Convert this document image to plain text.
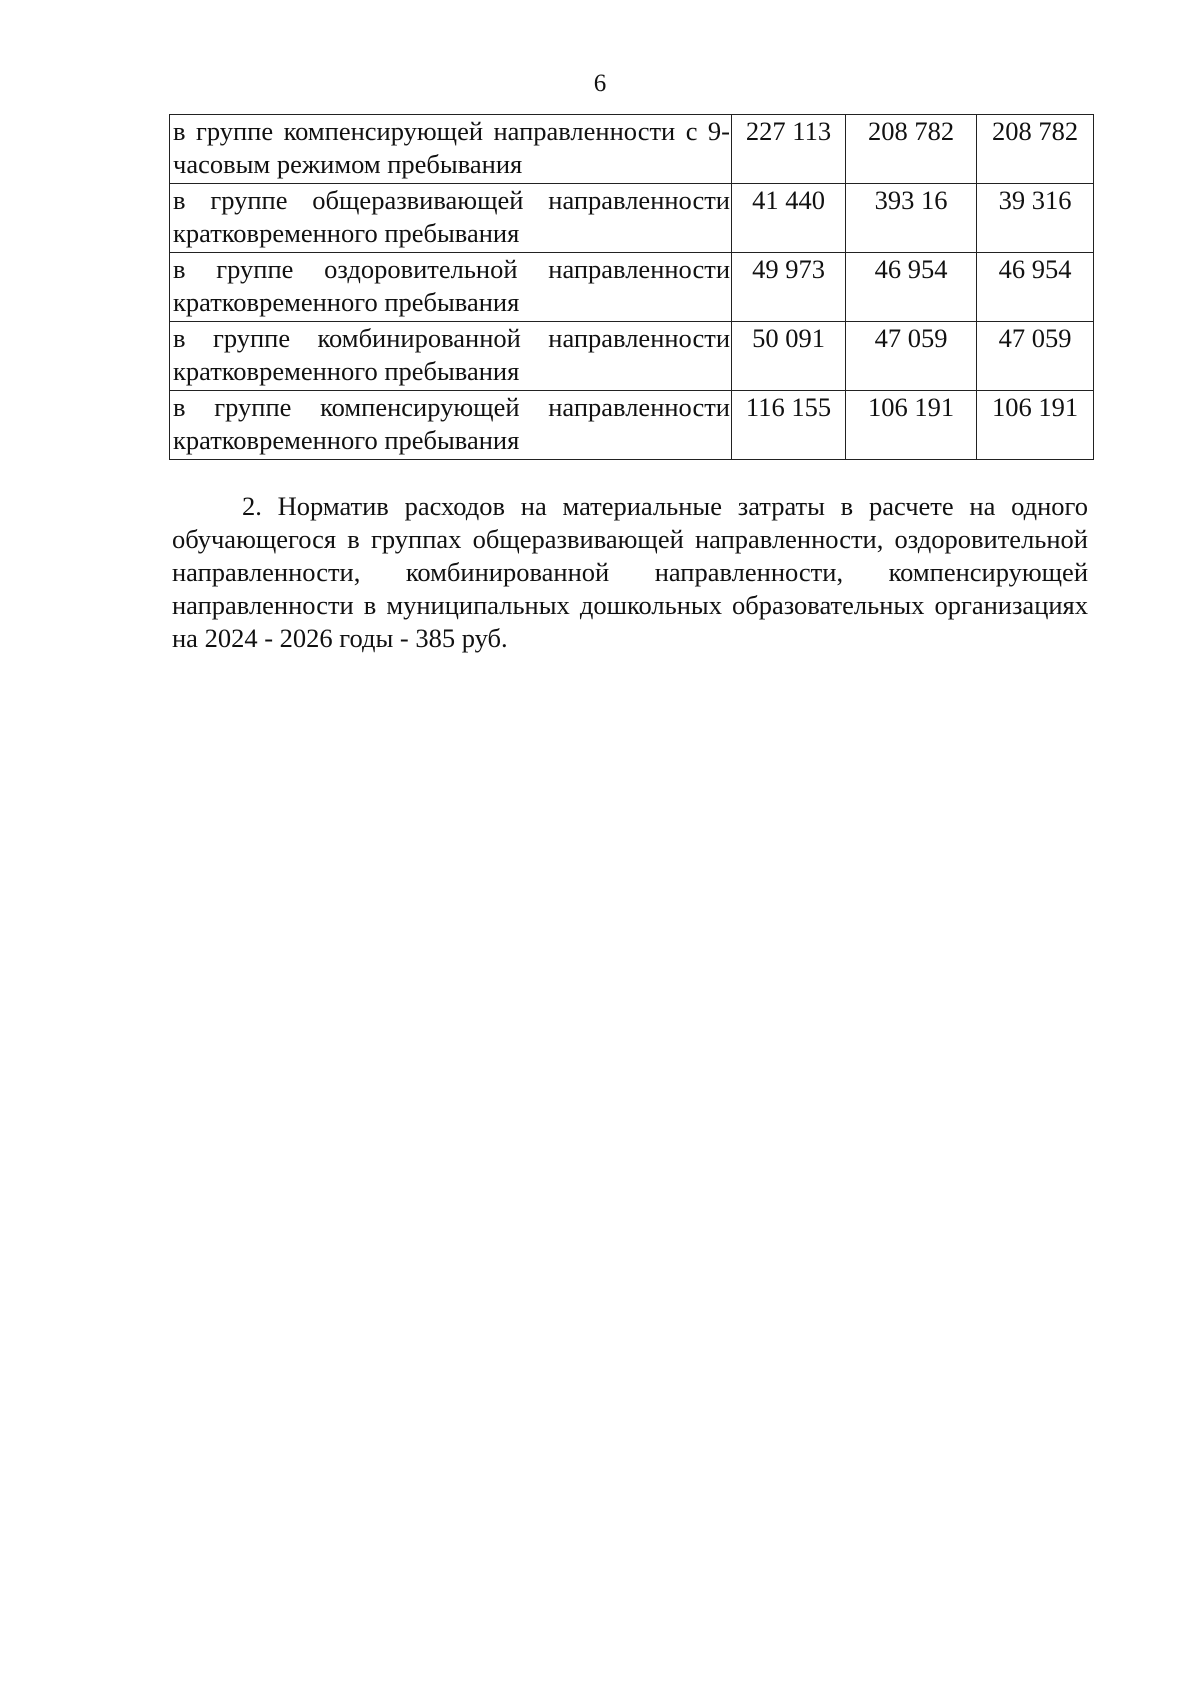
6
в группе компенсирующей направленности с 9-часовым режимом пребывания	227 113	208 782	208 782
в группе общеразвивающей направленности кратковременного пребывания	41 440	393 16	39 316
в группе оздоровительной направленности кратковременного пребывания	49 973	46 954	46 954
в группе комбинированной направленности кратковременного пребывания	50 091	47 059	47 059
в группе компенсирующей направленности кратковременного пребывания	116 155	106 191	106 191

2. Норматив расходов на материальные затраты в расчете на одного обучающегося в группах общеразвивающей направленности, оздоровительной направленности, комбинированной направленности, компенсирующей направленности в муниципальных дошкольных образовательных организациях на 2024 - 2026 годы - 385 руб.
